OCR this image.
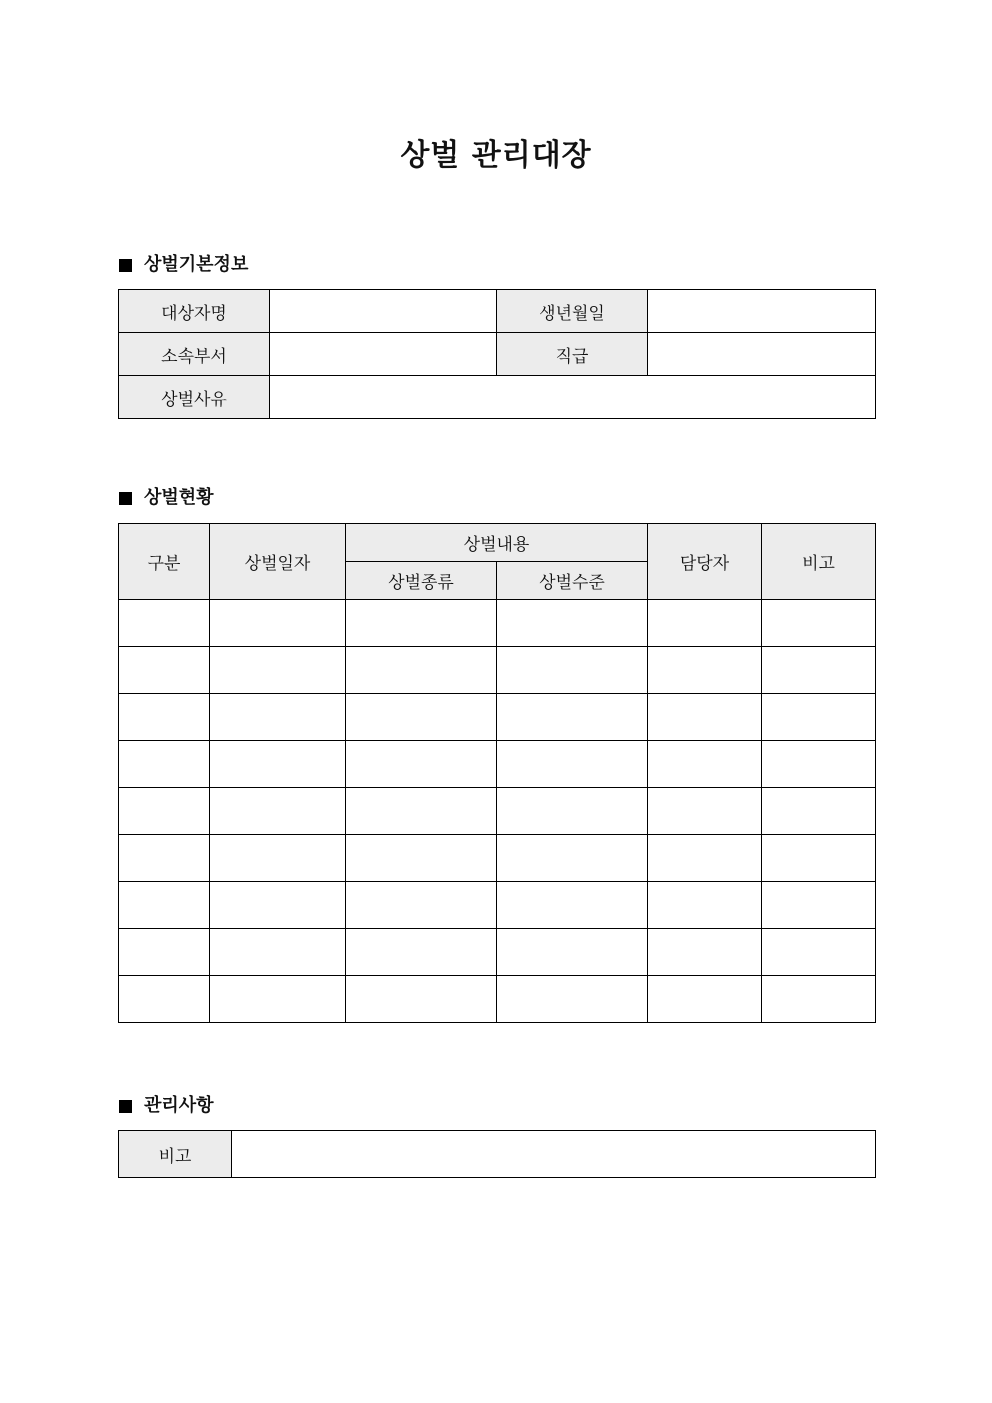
상벌 관리대장
상벌기본정보
대상자명		생년월일	
소속부서		직급	
상벌사유			
상벌현황
구분	상벌일자	상벌내용		담당자	비고
		상벌종류	상벌수준		

관리사항
비고	
